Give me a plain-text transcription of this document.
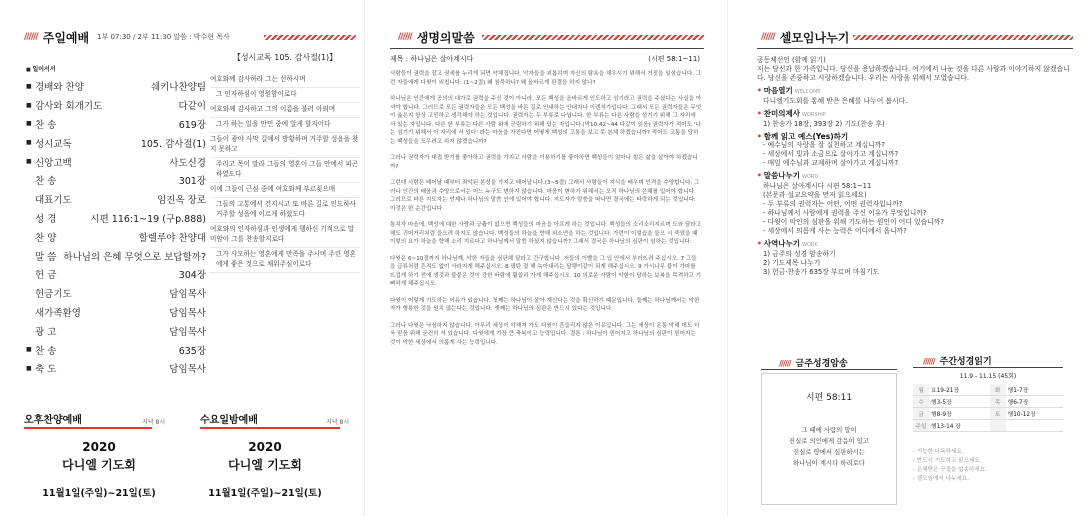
////// 주일예배 1부 07:30 / 2부 11:30 말씀 : 박수현 목사
■ 일어서서
■ 경배와 찬양	쉐키나찬양팀
■ 감사와 회개기도	다같이
■ 찬 송	619장
■ 성시교독	105. 감사절(1)
■ 신앙고백	사도신경
찬 송	301장
대표기도	임진옥 장로
성 경	시편 116:1~19 (구p.888)
찬 양	할렐루야 찬양대
말 씀 하나님의 은혜 무엇으로 보답할까?
헌 금	304장
헌금기도	담임목사
새가족환영	담임목사
광 고	담임목사
■ 찬 송	635장
■ 축 도	담임목사
【성시교독 105. 감사절(1)】
여호와께 감사하라 그는 선하시며
그 인자하심이 영원함이로다
여호와께 감사하고 그의 이름을 불러 아뢰며
그가 하는 일을 만민 중에 알게 할지어다
그들이 광야 사막 길에서 방황하며 거주할 성읍을 찾지 못하고
주리고 목이 말라 그들의 영혼이 그들 안에서 피곤하였도다
이에 그들이 근심 중에 여호와께 부르짖으매
그들의 고통에서 건지시고 또 바른 길로 인도하사 거주할 성읍에 이르게 하셨도다
여호와의 인자하심과 인생에게 행하신 기적으로 말미암아 그를 찬송할지로다
그가 사모하는 영혼에게 만족을 주시며 주린 영혼에게 좋은 것으로 채워주심이로다
오후찬양예배	저녁 8시	수요일밤예배	저녁 8시
2020
다니엘 기도회
11월1일(주일)~21일(토)
2020
다니엘 기도회
11월1일(주일)~21일(토)
////// 생명의말씀
제목 : 하나님은 살아계시다	(시편 58:1~11)

사람들이 권력을 잡고 권세를 누리게 되면 악해집니다. 악자들을 괴롭히며 자신의 탐욕을 채우시기 위해서 거짓을 일삼습니다. 그런 자들에게 다윗이 외칩니다. (1~2절) 왜 침묵하나? 왜 올바르게 판결을 하지 않나?

하나님은 인간에게 공의의 대가로 권력을 주신 것이 아니라, 모든 백성을 올바르게 인도하고 섬기라고 권력을 주셨다는 사실을 아셔야 합니다. 그러므로 모든 권력자들은 모든 백성을 바른 길로 인내하는 안내자나 이렌처가입니다. 그래서 모든 권력자들은 무엇이 옳은지 항상 고민하고 생각해야 하는 것입니다. 권력자는 두 부류로 나뉩니다. 한 부류는 다른 사람을 섬기기 위해 그 자리에 서 있는 자입니다. 다른 한 부류는 다른 사람 위에 군림하기 위해 있는 자입니다.(막10:42~44 다같이 읽음) 권력자가 적어도 '나는 섬기기 위해서 이 자리에 서 있다' 라는 마음을 가진다면 어떻게 백성의 고통을 보고 못 본체 하겠습니까? 적어도 고통을 당하는 백성들을 도우려고 하지 않겠습니까?

그러나 권력자가 대접 받기를 좋아하고 권력을 가지고 사람을 이용하기를 좋아하면 백성들이 얼마나 힘든 삶을 살아야 하겠습니까?

그런데 사람은 태어날 때부터 죄악된 본성을 가지고 태어납니다.(3~5절) 그래서 사람들이 지식을 배우며 인격을 수양합니다. 그러나 인간의 배움과 수양으로서는 어느 누구도 변하지 않습니다. 마음이 변하기 위해서는 오직 하나님의 은혜를 입어야 합니다. 그러므로 바른 지도자는 언제나 하나님의 말씀 안에 있어야 합니다. 지도자가 말씀을 떠나면 결국에는 타락하게 되는 것입니다. 이것은 한 순간입니다.

통치자 마음에, 백성에 대한 사랑과 긍휼이 없으면 백성들의 마음을 아프게 하는 것입니다. 백성들의 소리소리지르며 도와 달라고 해도 귀머거리처럼 들으려 하지도 않습니다. 백성들의 하늘을 향해 외소연을 하는 것입니다. 가련이 이렇습을 들으 시 죽였을 때 이렇의 요가 하늘을 향해 소리 지르다고 하나님께서 말씀 하셨지 않습니까? 그래서 결국은 하나님의 심판이 임하는 것입니다.

다윗은 6~10절까지 하나님께, 악한 자들을 심판해 달라고 간구합니다. 저들의 이빨을 그 입 안에서 부러뜨려 주십시오. 7 그들을 급류처럼 흔적도 없이 사라지게 해주십시오. 8 평탄 절 해 녹아내리는 달팽이같이 되게 해주십시오. 9 가시나무 불이 가마를 뜨겁게 하기 전에 생것과 불붙은 것이 강한 바람에 휩쓸리 가게 해주십시오. 10 의로운 사람이 악한이 당하는 보복을 목격하고 기뻐하게 해주십시오.

다윗이 이렇게 기도하는 이유가 있습니다. 첫째는 하나님이 살아 계신다는 것을 확신하기 때문입니다. 둘째는 하나님께서는 악한자가 형통한 것을 원치 않는다는 것입니다. 셋째는 하나님의 심판은 반드시 있다는 것입니다.

그러나 다윗은 낙심하지 않습니다. 아무리 세상이 악해져 가도 다윗이 흔들리지 않은 이유입니다. 그는 세상이 온통 악해 데도 더욱 믿음 위해 굳건히 서 있습니다. 다윗에게 가장 큰 축복이고 능력입니다. 결론 : 하나님이 믿어지고 하나님의 심판이 믿어지는 것이 악한 세상에서 의롭게 사는 능력입니다.

////// 셀모임나누기
공동체선언 (함께 읽기)
저는 당신과 한 가족입니다. 당신을 용납하겠습니다. 여기에서 나눈 것을 다른 사람과 이야기하지 않겠습니다. 당신을 존중하고 사랑하겠습니다. 우리는 사랑을 위해서 모였습니다.
• 마음열기 WELCOME
다니엘기도회를 통해 받은 은혜를 나누어 봅시다.
• 찬미의제사 WORSHIP
1) 찬송가 18장, 393장 2) 기도(찬송 후)
• 함께 읽고 예스(Yes)하기
- 예수님의 사랑을 잘 실천하고 계십니까?
- 세상에서 빛과 소금으로 살아가고 계십니까?
- 매일 예수님과 교제하며 살아가고 계십니까?
• 말씀나누기 WORD
하나님은 살아계시다 시편 58:1~11
(본문과 설교요약을 먼저 읽으세요)
- 두 부류의 권력자는 어떤, 어떤 권력자입니까?
- 하나님께서 사람에게 권력을 주신 이유가 무엇입니까?
- 다윗이 악인의 심판을 위해 기도하는 원인이 어디 있습니까?
- 세상에서 의롭게 사는 능력은 어디에서 옵니까?
• 사역나누기 WORK
1) 금주의 성경 암송하기
2) 기도제목 나누기
3) 헌금·찬송가 635장 부르며 마침기도
////// 금주성경암송
시편 58:11
그 때에 사람의 말이
진실로 의인에게 갚음이 있고
진실로 땅에서 심판하시는
하나님이 계시다 하리로다
////// 주간성경읽기
11.9 - 11.15 (45회)
월	요19-21장	화	행1-7장
수	행3-5장	목	행6-7장
금	행8-9장	토	행10-12장
주일	행13-14 장		
- 기능한 다독하세요.
- 반드시 기도하고 읽으세요.
- 은혜받은 구절을 암송하세요.
- 셀모임에서 나누세요.
